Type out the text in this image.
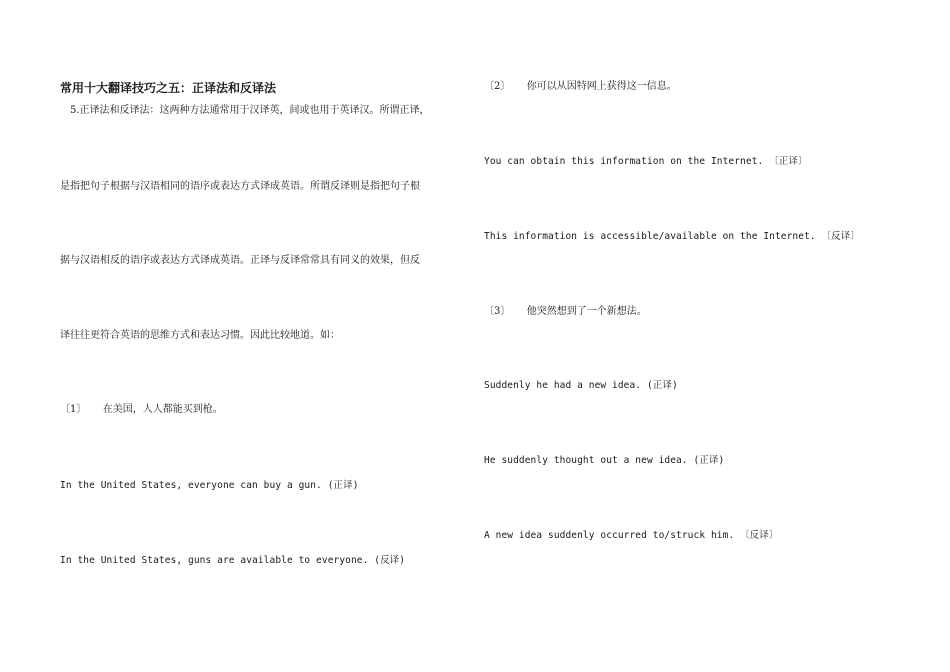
常用十大翻译技巧之五：正译法和反译法
5.正译法和反译法：这两种方法通常用于汉译英，间或也用于英译汉。所谓正译，
是指把句子根据与汉语相同的语序或表达方式译成英语。所谓反译则是指把句子根
据与汉语相反的语序或表达方式译成英语。正译与反译常常具有同义的效果，但反
译往往更符合英语的思维方式和表达习惯。因此比较地道。如：
〔1〕 在美国，人人都能买到枪。
In the United States, everyone can buy a gun. (正译)
In the United States, guns are available to everyone. (反译)
〔2〕 你可以从因特网上获得这一信息。
You can obtain this information on the Internet. 〔正译〕
This information is accessible/available on the Internet. 〔反译〕
〔3〕 他突然想到了一个新想法。
Suddenly he had a new idea. (正译)
He suddenly thought out a new idea. (正译)
A new idea suddenly occurred to/struck him. 〔反译〕
